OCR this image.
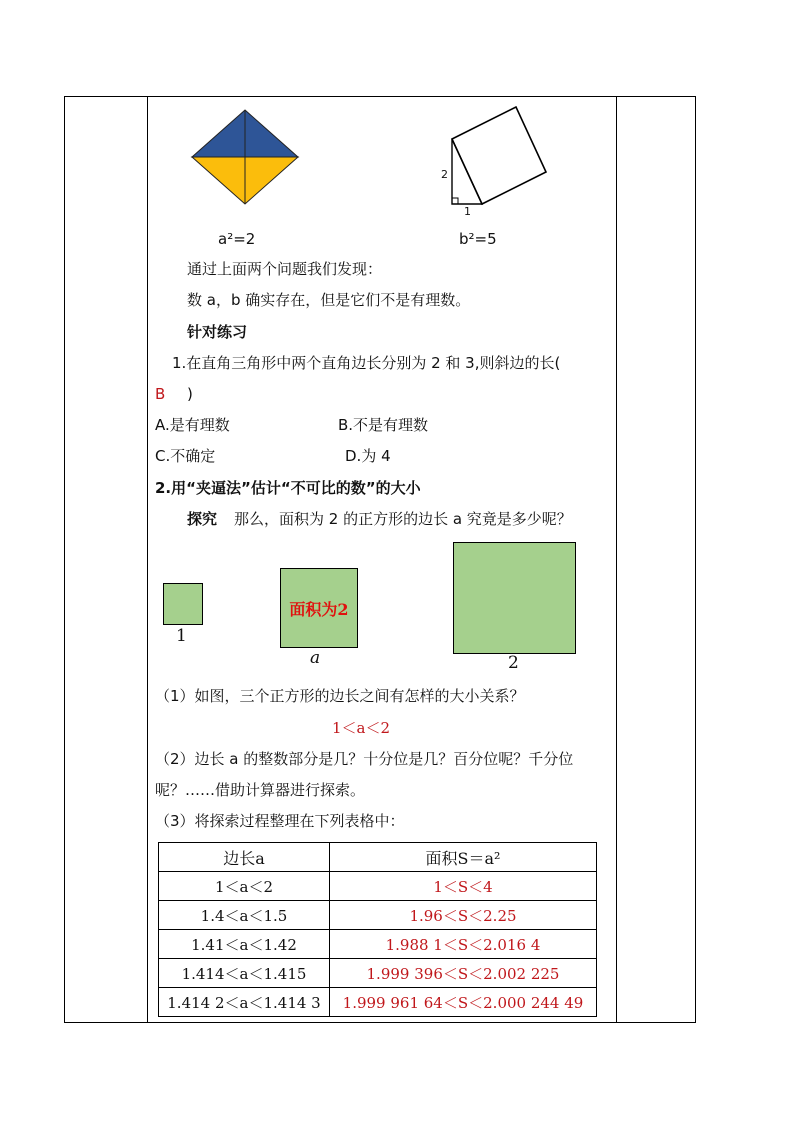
a²=2
2
1
b²=5
通过上面两个问题我们发现：
数 a，b 确实存在，但是它们不是有理数。
针对练习
1.在直角三角形中两个直角边长分别为 2 和 3,则斜边的长(
B )
A.是有理数	B.不是有理数
C.不确定	D.为 4
2.用“夹逼法”估计“不可比的数”的大小
探究 那么，面积为 2 的正方形的边长 a 究竟是多少呢？
1
面积为2
a	2
（1）如图，三个正方形的边长之间有怎样的大小关系？
1＜a＜2
（2）边长 a 的整数部分是几？十分位是几？百分位呢？千分位
呢？……借助计算器进行探索。
（3）将探索过程整理在下列表格中：
边长a	面积S＝a²
1＜a＜2	1＜S＜4
1.4＜a＜1.5	1.96＜S＜2.25
1.41＜a＜1.42	1.988 1＜S＜2.016 4
1.414＜a＜1.415	1.999 396＜S＜2.002 225
1.414 2＜a＜1.414 3	1.999 961 64＜S＜2.000 244 49
